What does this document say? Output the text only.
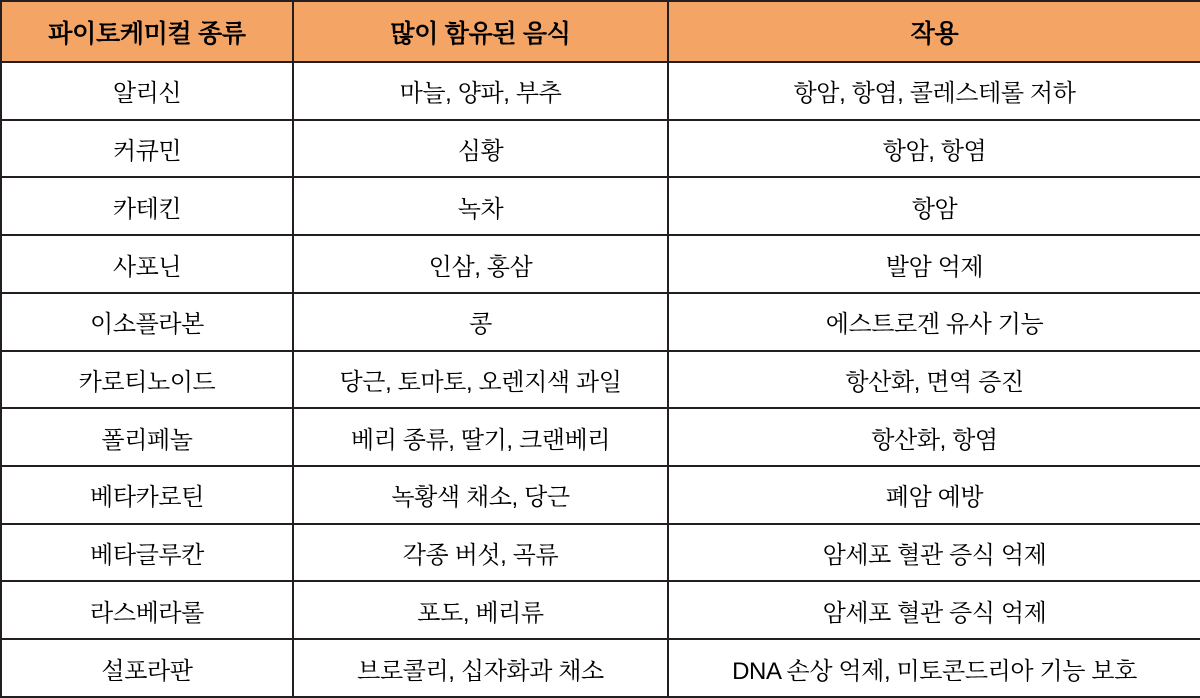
파이토케미컬 종류	많이 함유된 음식	작용
알리신	마늘, 양파, 부추	항암, 항염, 콜레스테롤 저하
커큐민	심황	항암, 항염
카테킨	녹차	항암
사포닌	인삼, 홍삼	발암 억제
이소플라본	콩	에스트로겐 유사 기능
카로티노이드	당근, 토마토, 오렌지색 과일	항산화, 면역 증진
폴리페놀	베리 종류, 딸기, 크랜베리	항산화, 항염
베타카로틴	녹황색 채소, 당근	폐암 예방
베타글루칸	각종 버섯, 곡류	암세포 혈관 증식 억제
라스베라롤	포도, 베리류	암세포 혈관 증식 억제
설포라판	브로콜리, 십자화과 채소	DNA 손상 억제, 미토콘드리아 기능 보호
